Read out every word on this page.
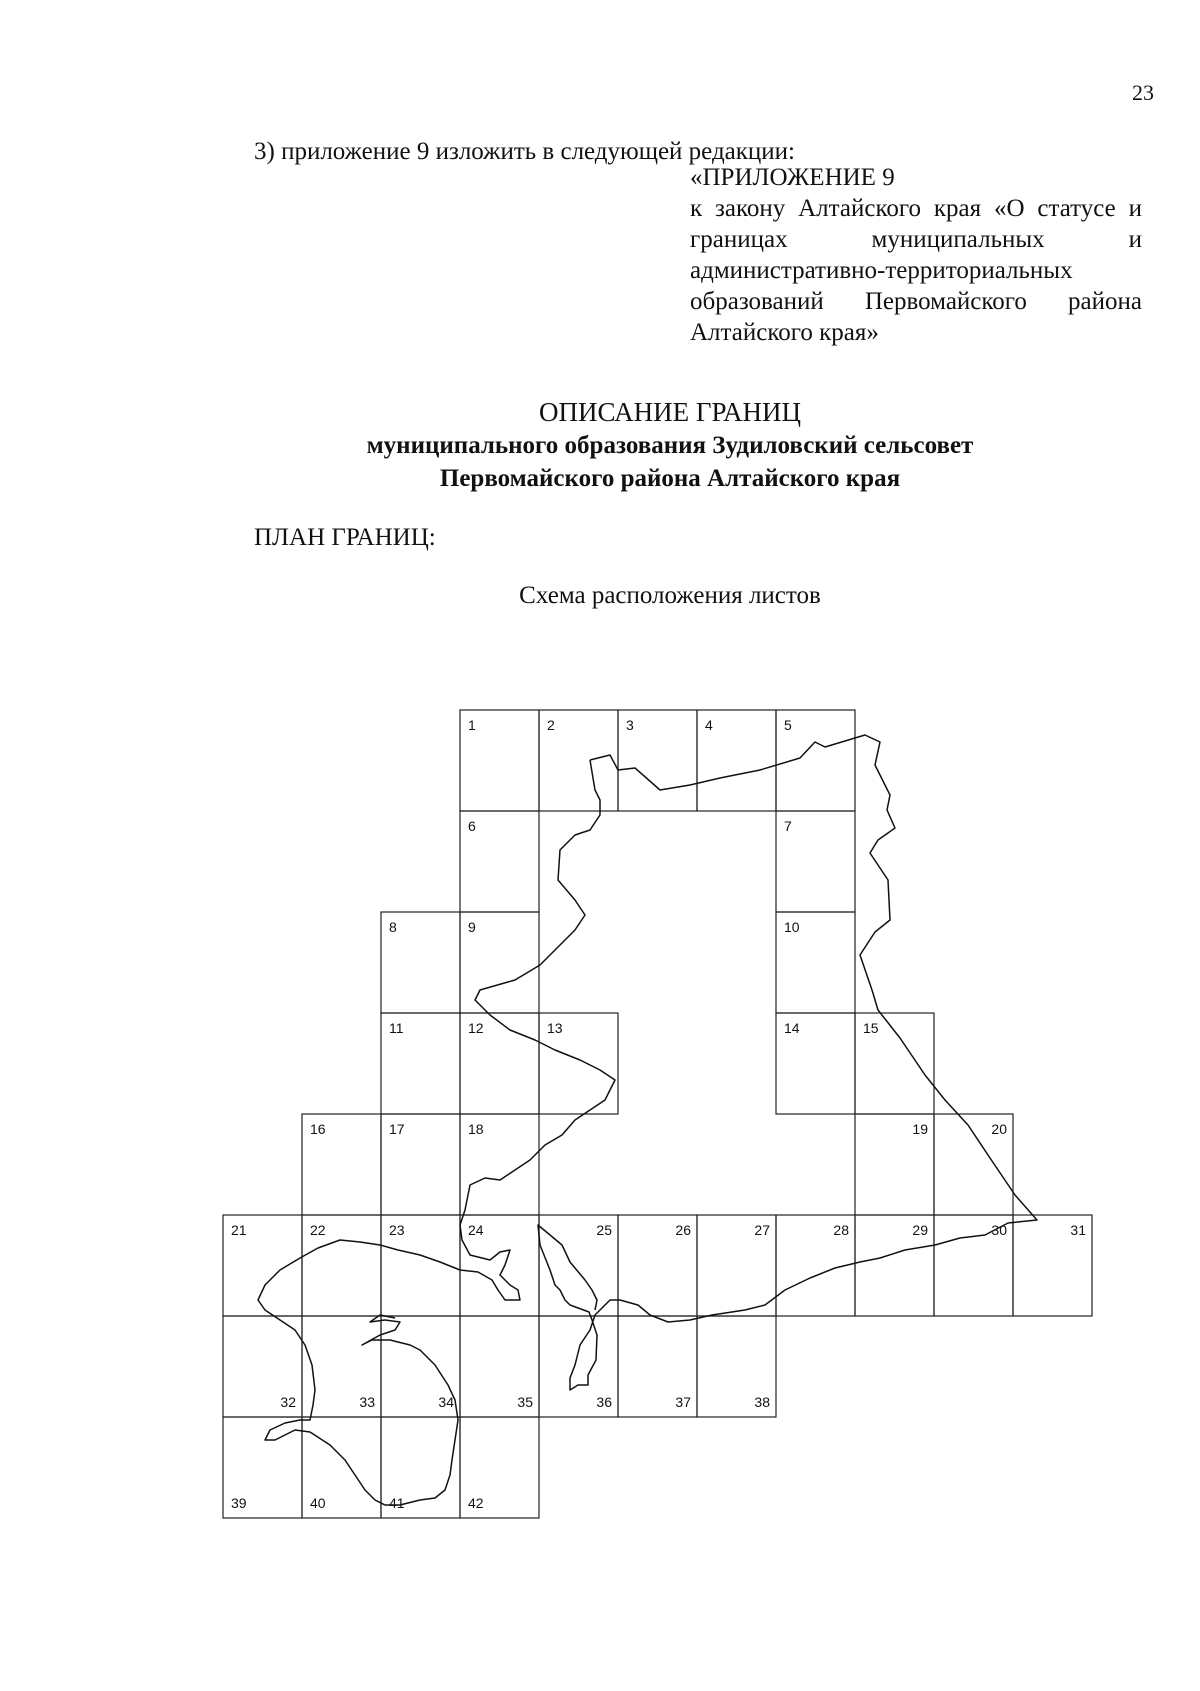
23
3) приложение 9 изложить в следующей редакции:
«ПРИЛОЖЕНИЕ 9
к закону Алтайского края «О статусе и границах муниципальных и административно-территориальных образований Первомайского района Алтайского края»
ОПИСАНИЕ ГРАНИЦ
муниципального образования Зудиловский сельсовет
Первомайского района Алтайского края
ПЛАН ГРАНИЦ:
Схема расположения листов
1	2	3	4	5
6	7
8	9	10
11	12	13	14	15
16	17	18	19	20
21	22	23	24	25	26	27	28	29	30	31
32	33	34	35	36	37	38
39	40	41	42
